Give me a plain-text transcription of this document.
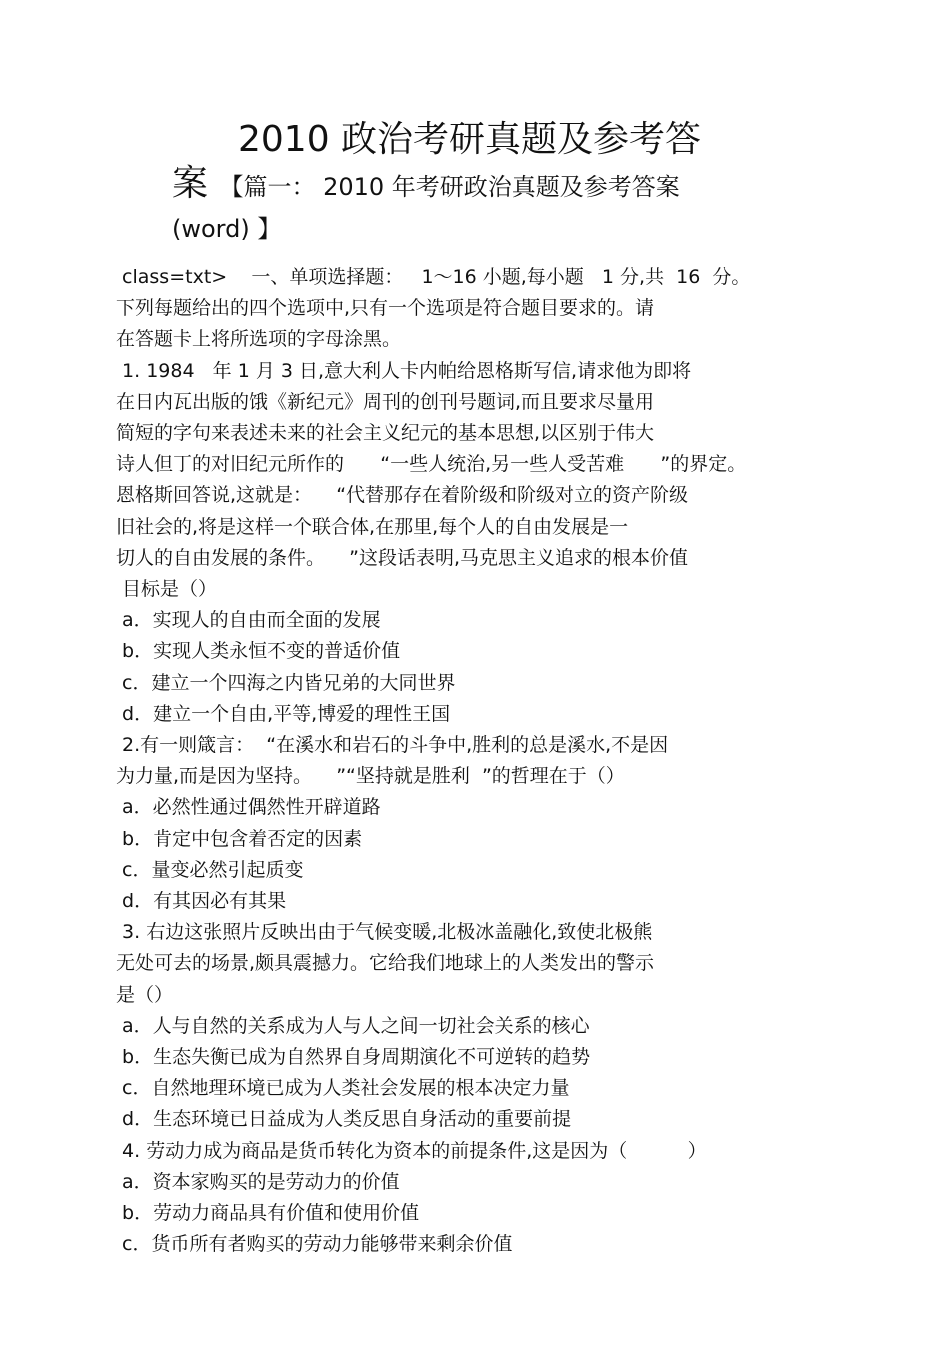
2010 政治考研真题及参考答
案 【篇一： 2010 年考研政治真题及参考答案
(word) 】

class=txt>    一、单项选择题：   1～16 小题,每小题   1 分,共  16  分。

下列每题给出的四个选项中,只有一个选项是符合题目要求的。请

在答题卡上将所选项的字母涂黑。

1. 1984   年 1 月 3 日,意大利人卡内帕给恩格斯写信,请求他为即将

在日内瓦出版的饿《新纪元》周刊的创刊号题词,而且要求尽量用

简短的字句来表述未来的社会主义纪元的基本思想,以区别于伟大

诗人但丁的对旧纪元所作的      “一些人统治,另一些人受苦难      ”的界定。

恩格斯回答说,这就是：    “代替那存在着阶级和阶级对立的资产阶级

旧社会的,将是这样一个联合体,在那里,每个人的自由发展是一

切人的自由发展的条件。    ”这段话表明,马克思主义追求的根本价值

目标是（）

a．实现人的自由而全面的发展

b．实现人类永恒不变的普适价值

c．建立一个四海之内皆兄弟的大同世界

d．建立一个自由,平等,博爱的理性王国

2.有一则箴言：  “在溪水和岩石的斗争中,胜利的总是溪水,不是因

为力量,而是因为坚持。    ”“坚持就是胜利  ”的哲理在于（）

a．必然性通过偶然性开辟道路

b．肯定中包含着否定的因素

c．量变必然引起质变

d．有其因必有其果

3. 右边这张照片反映出由于气候变暖,北极冰盖融化,致使北极熊

无处可去的场景,颇具震撼力。它给我们地球上的人类发出的警示

是（）

a．人与自然的关系成为人与人之间一切社会关系的核心

b．生态失衡已成为自然界自身周期演化不可逆转的趋势

c．自然地理环境已成为人类社会发展的根本决定力量

d．生态环境已日益成为人类反思自身活动的重要前提

4. 劳动力成为商品是货币转化为资本的前提条件,这是因为（          ）

a．资本家购买的是劳动力的价值

b．劳动力商品具有价值和使用价值

c．货币所有者购买的劳动力能够带来剩余价值
